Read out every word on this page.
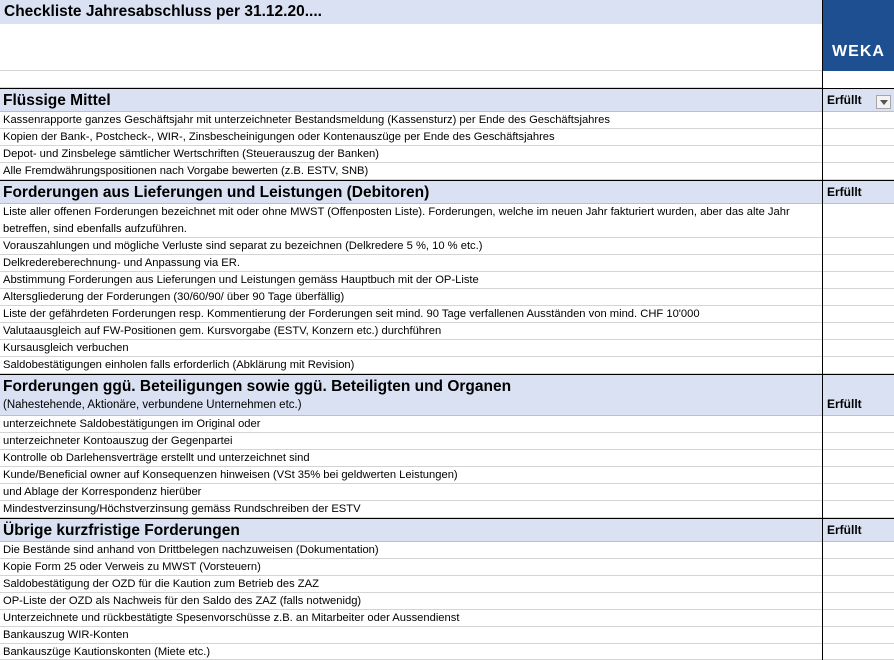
Checkliste Jahresabschluss per 31.12.20....
WEKA
Flüssige Mittel	Erfüllt
Kassenrapporte ganzes Geschäftsjahr mit unterzeichneter Bestandsmeldung (Kassensturz) per Ende des Geschäftsjahres
Kopien der Bank-, Postcheck-, WIR-, Zinsbescheinigungen oder Kontenauszüge per Ende des Geschäftsjahres
Depot- und Zinsbelege sämtlicher Wertschriften (Steuerauszug der Banken)
Alle Fremdwährungspositionen nach Vorgabe bewerten (z.B. ESTV, SNB)
Forderungen aus Lieferungen und Leistungen (Debitoren)	Erfüllt
Liste aller offenen Forderungen bezeichnet mit oder ohne MWST (Offenposten Liste). Forderungen, welche im neuen Jahr fakturiert wurden, aber das alte Jahr betreffen, sind ebenfalls aufzuführen.
Vorauszahlungen und mögliche Verluste sind separat zu bezeichnen (Delkredere 5 %, 10 % etc.)
Delkredereberechnung- und Anpassung via ER.
Abstimmung Forderungen aus Lieferungen und Leistungen gemäss Hauptbuch mit der OP-Liste
Altersgliederung der Forderungen (30/60/90/ über 90 Tage überfällig)
Liste der gefährdeten Forderungen resp. Kommentierung der Forderungen seit mind. 90 Tage verfallenen Ausständen von mind. CHF 10'000
Valutaausgleich auf FW-Positionen gem. Kursvorgabe (ESTV, Konzern etc.) durchführen
Kursausgleich verbuchen
Saldobestätigungen einholen falls erforderlich (Abklärung mit Revision)
Forderungen ggü. Beteiligungen sowie ggü. Beteiligten und Organen
(Nahestehende, Aktionäre, verbundene Unternehmen etc.)	Erfüllt
unterzeichnete Saldobestätigungen im Original oder
unterzeichneter Kontoauszug der Gegenpartei
Kontrolle ob Darlehensverträge erstellt und unterzeichnet sind
Kunde/Beneficial owner auf Konsequenzen hinweisen (VSt 35% bei geldwerten Leistungen)
und Ablage der Korrespondenz hierüber
Mindestverzinsung/Höchstverzinsung gemäss Rundschreiben der ESTV
Übrige kurzfristige Forderungen	Erfüllt
Die Bestände sind anhand von Drittbelegen nachzuweisen (Dokumentation)
Kopie Form 25 oder Verweis zu MWST (Vorsteuern)
Saldobestätigung der OZD für die Kaution zum Betrieb des ZAZ
OP-Liste der OZD als Nachweis für den Saldo des ZAZ (falls notwenidg)
Unterzeichnete und rückbestätigte Spesenvorschüsse z.B. an Mitarbeiter oder Aussendienst
Bankauszug WIR-Konten
Bankauszüge Kautionskonten (Miete etc.)
